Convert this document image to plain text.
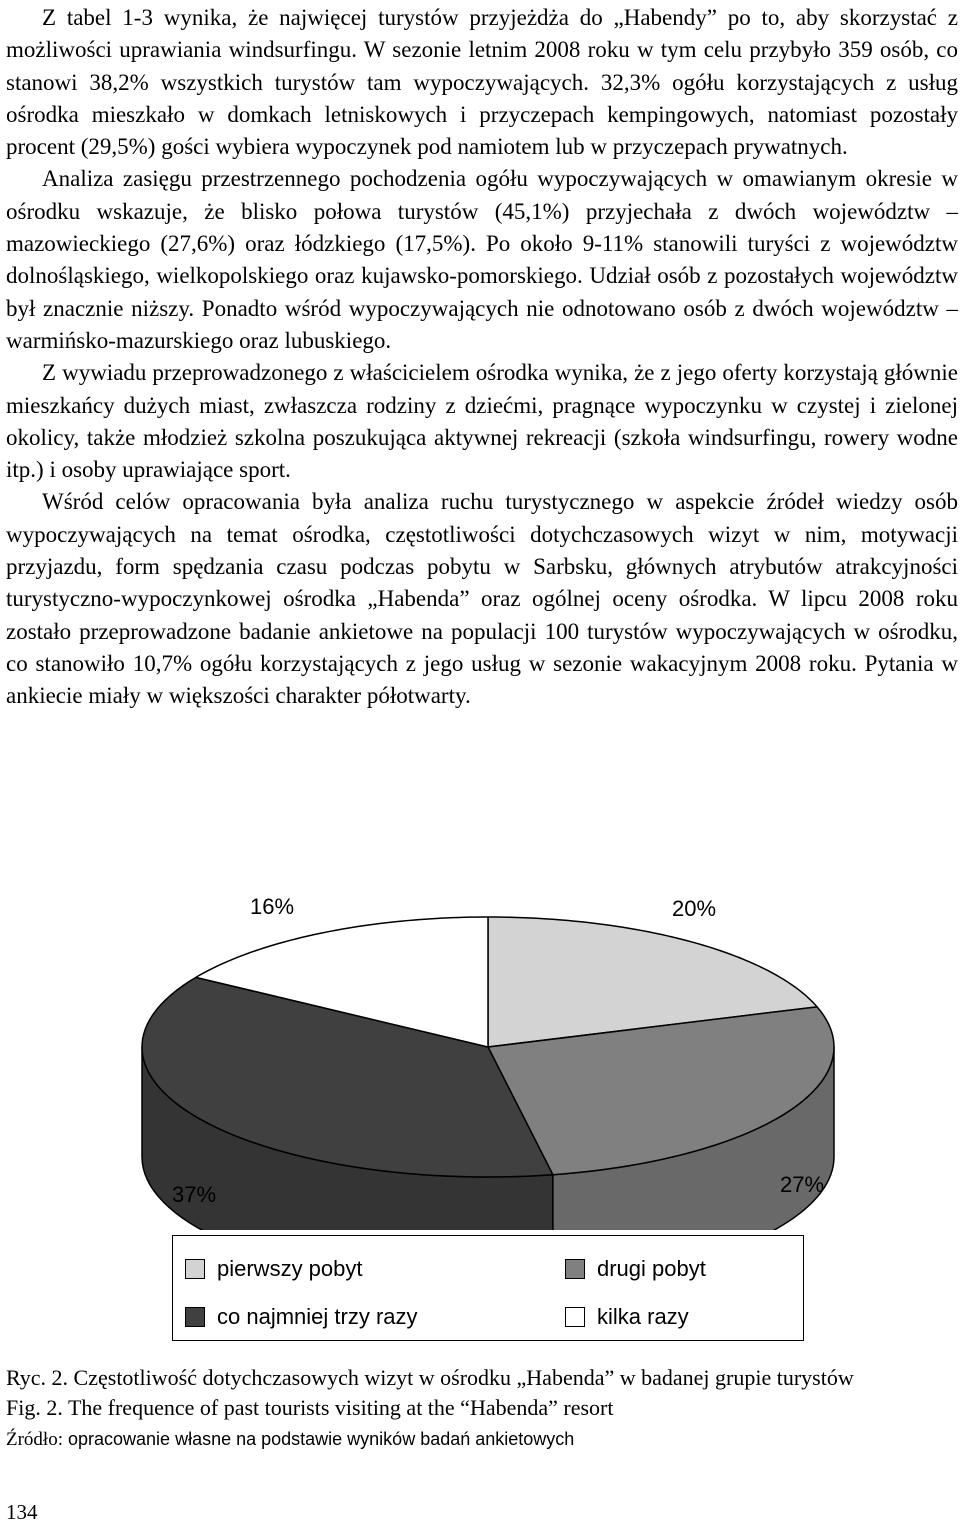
Z tabel 1-3 wynika, że najwięcej turystów przyjeżdża do „Habendy” po to, aby skorzystać z możliwości uprawiania windsurfingu. W sezonie letnim 2008 roku w tym celu przybyło 359 osób, co stanowi 38,2% wszystkich turystów tam wypoczywających. 32,3% ogółu korzystających z usług ośrodka mieszkało w domkach letniskowych i przyczepach kempingowych, natomiast pozostały procent (29,5%) gości wybiera wypoczynek pod namiotem lub w przyczepach prywatnych.

Analiza zasięgu przestrzennego pochodzenia ogółu wypoczywających w omawianym okresie w ośrodku wskazuje, że blisko połowa turystów (45,1%) przyjechała z dwóch województw – mazowieckiego (27,6%) oraz łódzkiego (17,5%). Po około 9-11% stanowili turyści z województw dolnośląskiego, wielkopolskiego oraz kujawsko-pomorskiego. Udział osób z pozostałych województw był znacznie niższy. Ponadto wśród wypoczywających nie odnotowano osób z dwóch województw – warmińsko-mazurskiego oraz lubuskiego.

Z wywiadu przeprowadzonego z właścicielem ośrodka wynika, że z jego oferty korzystają głównie mieszkańcy dużych miast, zwłaszcza rodziny z dziećmi, pragnące wypoczynku w czystej i zielonej okolicy, także młodzież szkolna poszukująca aktywnej rekreacji (szkoła windsurfingu, rowery wodne itp.) i osoby uprawiające sport.

Wśród celów opracowania była analiza ruchu turystycznego w aspekcie źródeł wiedzy osób wypoczywających na temat ośrodka, częstotliwości dotychczasowych wizyt w nim, motywacji przyjazdu, form spędzania czasu podczas pobytu w Sarbsku, głównych atrybutów atrakcyjności turystyczno-wypoczynkowej ośrodka „Habenda” oraz ogólnej oceny ośrodka. W lipcu 2008 roku zostało przeprowadzone badanie ankietowe na populacji 100 turystów wypoczywających w ośrodku, co stanowiło 10,7% ogółu korzystających z jego usług w sezonie wakacyjnym 2008 roku. Pytania w ankiecie miały w większości charakter półotwarty.

16%	20%
37%	27%
pierwszy pobyt	drugi pobyt
co najmniej trzy razy	kilka razy
Ryc. 2. Częstotliwość dotychczasowych wizyt w ośrodku „Habenda” w badanej grupie turystów
Fig. 2. The frequence of past tourists visiting at the “Habenda” resort
Źródło: opracowanie własne na podstawie wyników badań ankietowych
134
